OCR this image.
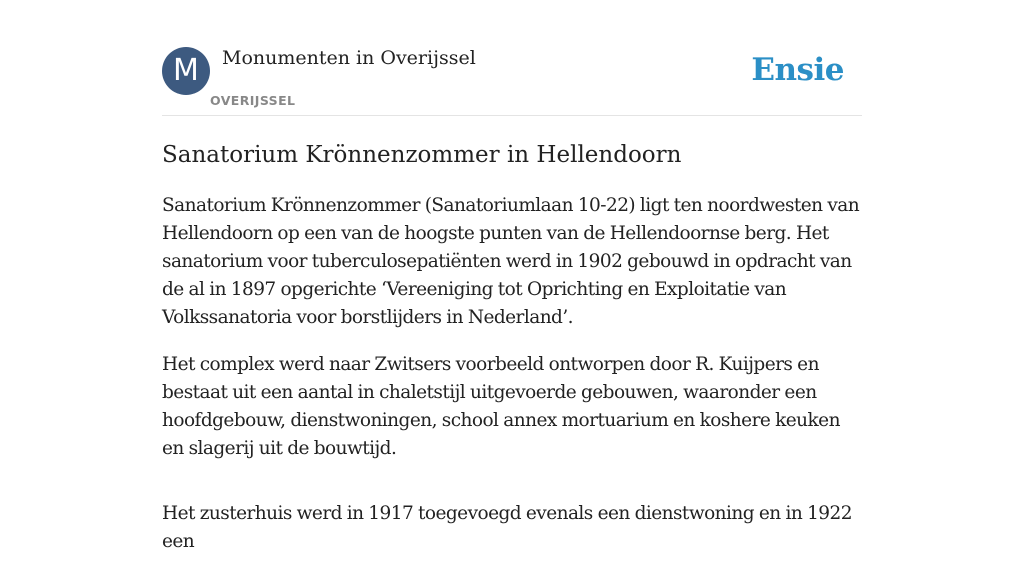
M	Monumenten in Overijssel
OVERIJSSEL
Ensie
Sanatorium Krönnenzommer in Hellendoorn

Sanatorium Krönnenzommer (Sanatoriumlaan 10-22) ligt ten noordwesten van Hellendoorn op een van de hoogste punten van de Hellendoornse berg. Het sanatorium voor tuberculosepatiënten werd in 1902 gebouwd in opdracht van de al in 1897 opgerichte ‘Vereeniging tot Oprichting en Exploitatie van Volkssanatoria voor borstlijders in Nederland’.

Het complex werd naar Zwitsers voorbeeld ontworpen door R. Kuijpers en bestaat uit een aantal in chaletstijl uitgevoerde gebouwen, waaronder een hoofdgebouw, dienstwoningen, school annex mortuarium en koshere keuken en slagerij uit de bouwtijd.

Het zusterhuis werd in 1917 toegevoegd evenals een dienstwoning en in 1922 een
